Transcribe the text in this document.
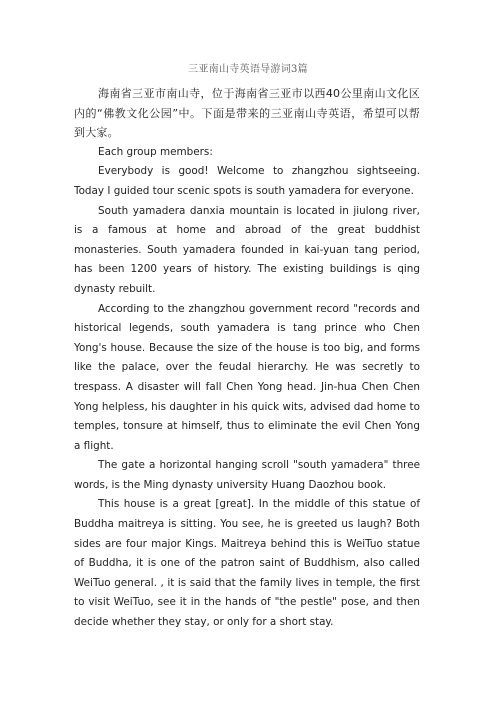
三亚南山寺英语导游词3篇

海南省三亚市南山寺，位于海南省三亚市以西40公里南山文化区内的“佛教文化公园”中。下面是带来的三亚南山寺英语，希望可以帮到大家。

Each group members:

Everybody is good! Welcome to zhangzhou sightseeing. Today I guided tour scenic spots is south yamadera for everyone.

South yamadera danxia mountain is located in jiulong river, is a famous at home and abroad of the great buddhist monasteries. South yamadera founded in kai-yuan tang period, has been 1200 years of history. The existing buildings is qing dynasty rebuilt.

According to the zhangzhou government record "records and historical legends, south yamadera is tang prince who Chen Yong's house. Because the size of the house is too big, and forms like the palace, over the feudal hierarchy. He was secretly to trespass. A disaster will fall Chen Yong head. Jin-hua Chen Chen Yong helpless, his daughter in his quick wits, advised dad home to temples, tonsure at himself, thus to eliminate the evil Chen Yong a flight.

The gate a horizontal hanging scroll "south yamadera" three words, is the Ming dynasty university Huang Daozhou book.

This house is a great [great]. In the middle of this statue of Buddha maitreya is sitting. You see, he is greeted us laugh? Both sides are four major Kings. Maitreya behind this is WeiTuo statue of Buddha, it is one of the patron saint of Buddhism, also called WeiTuo general. , it is said that the family lives in temple, the first to visit WeiTuo, see it in the hands of "the pestle" pose, and then decide whether they stay, or only for a short stay.
